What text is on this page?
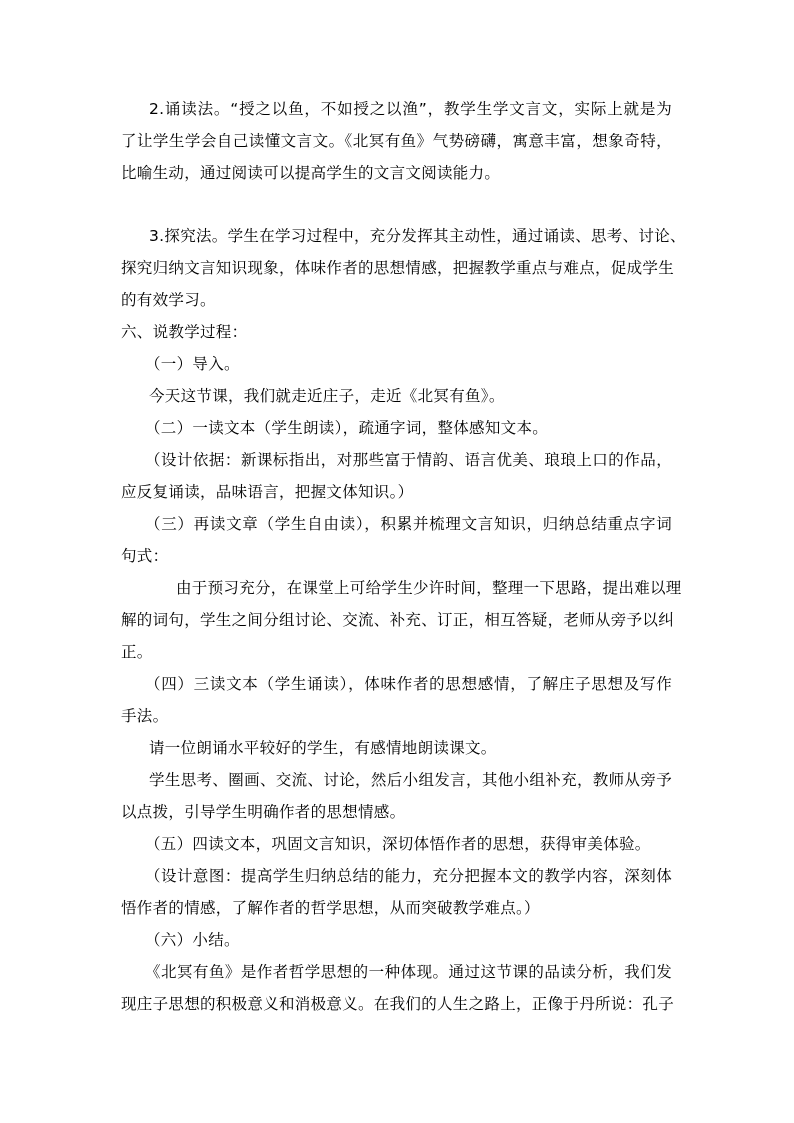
2.诵读法。“授之以鱼，不如授之以渔”，教学生学文言文，实际上就是为
了让学生学会自己读懂文言文。《北冥有鱼》气势磅礴，寓意丰富，想象奇特，
比喻生动，通过阅读可以提高学生的文言文阅读能力。
3.探究法。学生在学习过程中，充分发挥其主动性，通过诵读、思考、讨论、
探究归纳文言知识现象，体味作者的思想情感，把握教学重点与难点，促成学生
的有效学习。
六、说教学过程：
（一）导入。
今天这节课，我们就走近庄子，走近《北冥有鱼》。
（二）一读文本（学生朗读），疏通字词，整体感知文本。
（设计依据：新课标指出，对那些富于情韵、语言优美、琅琅上口的作品，
应反复诵读，品味语言，把握文体知识。）
（三）再读文章（学生自由读），积累并梳理文言知识，归纳总结重点字词
句式：
由于预习充分，在课堂上可给学生少许时间，整理一下思路，提出难以理
解的词句，学生之间分组讨论、交流、补充、订正，相互答疑，老师从旁予以纠
正。
（四）三读文本（学生诵读），体味作者的思想感情，了解庄子思想及写作
手法。
请一位朗诵水平较好的学生，有感情地朗读课文。
学生思考、圈画、交流、讨论，然后小组发言，其他小组补充，教师从旁予
以点拨，引导学生明确作者的思想情感。
（五）四读文本，巩固文言知识，深切体悟作者的思想，获得审美体验。
（设计意图：提高学生归纳总结的能力，充分把握本文的教学内容，深刻体
悟作者的情感，了解作者的哲学思想，从而突破教学难点。）
（六）小结。
《北冥有鱼》是作者哲学思想的一种体现。通过这节课的品读分析，我们发
现庄子思想的积极意义和消极意义。在我们的人生之路上，正像于丹所说：孔子
